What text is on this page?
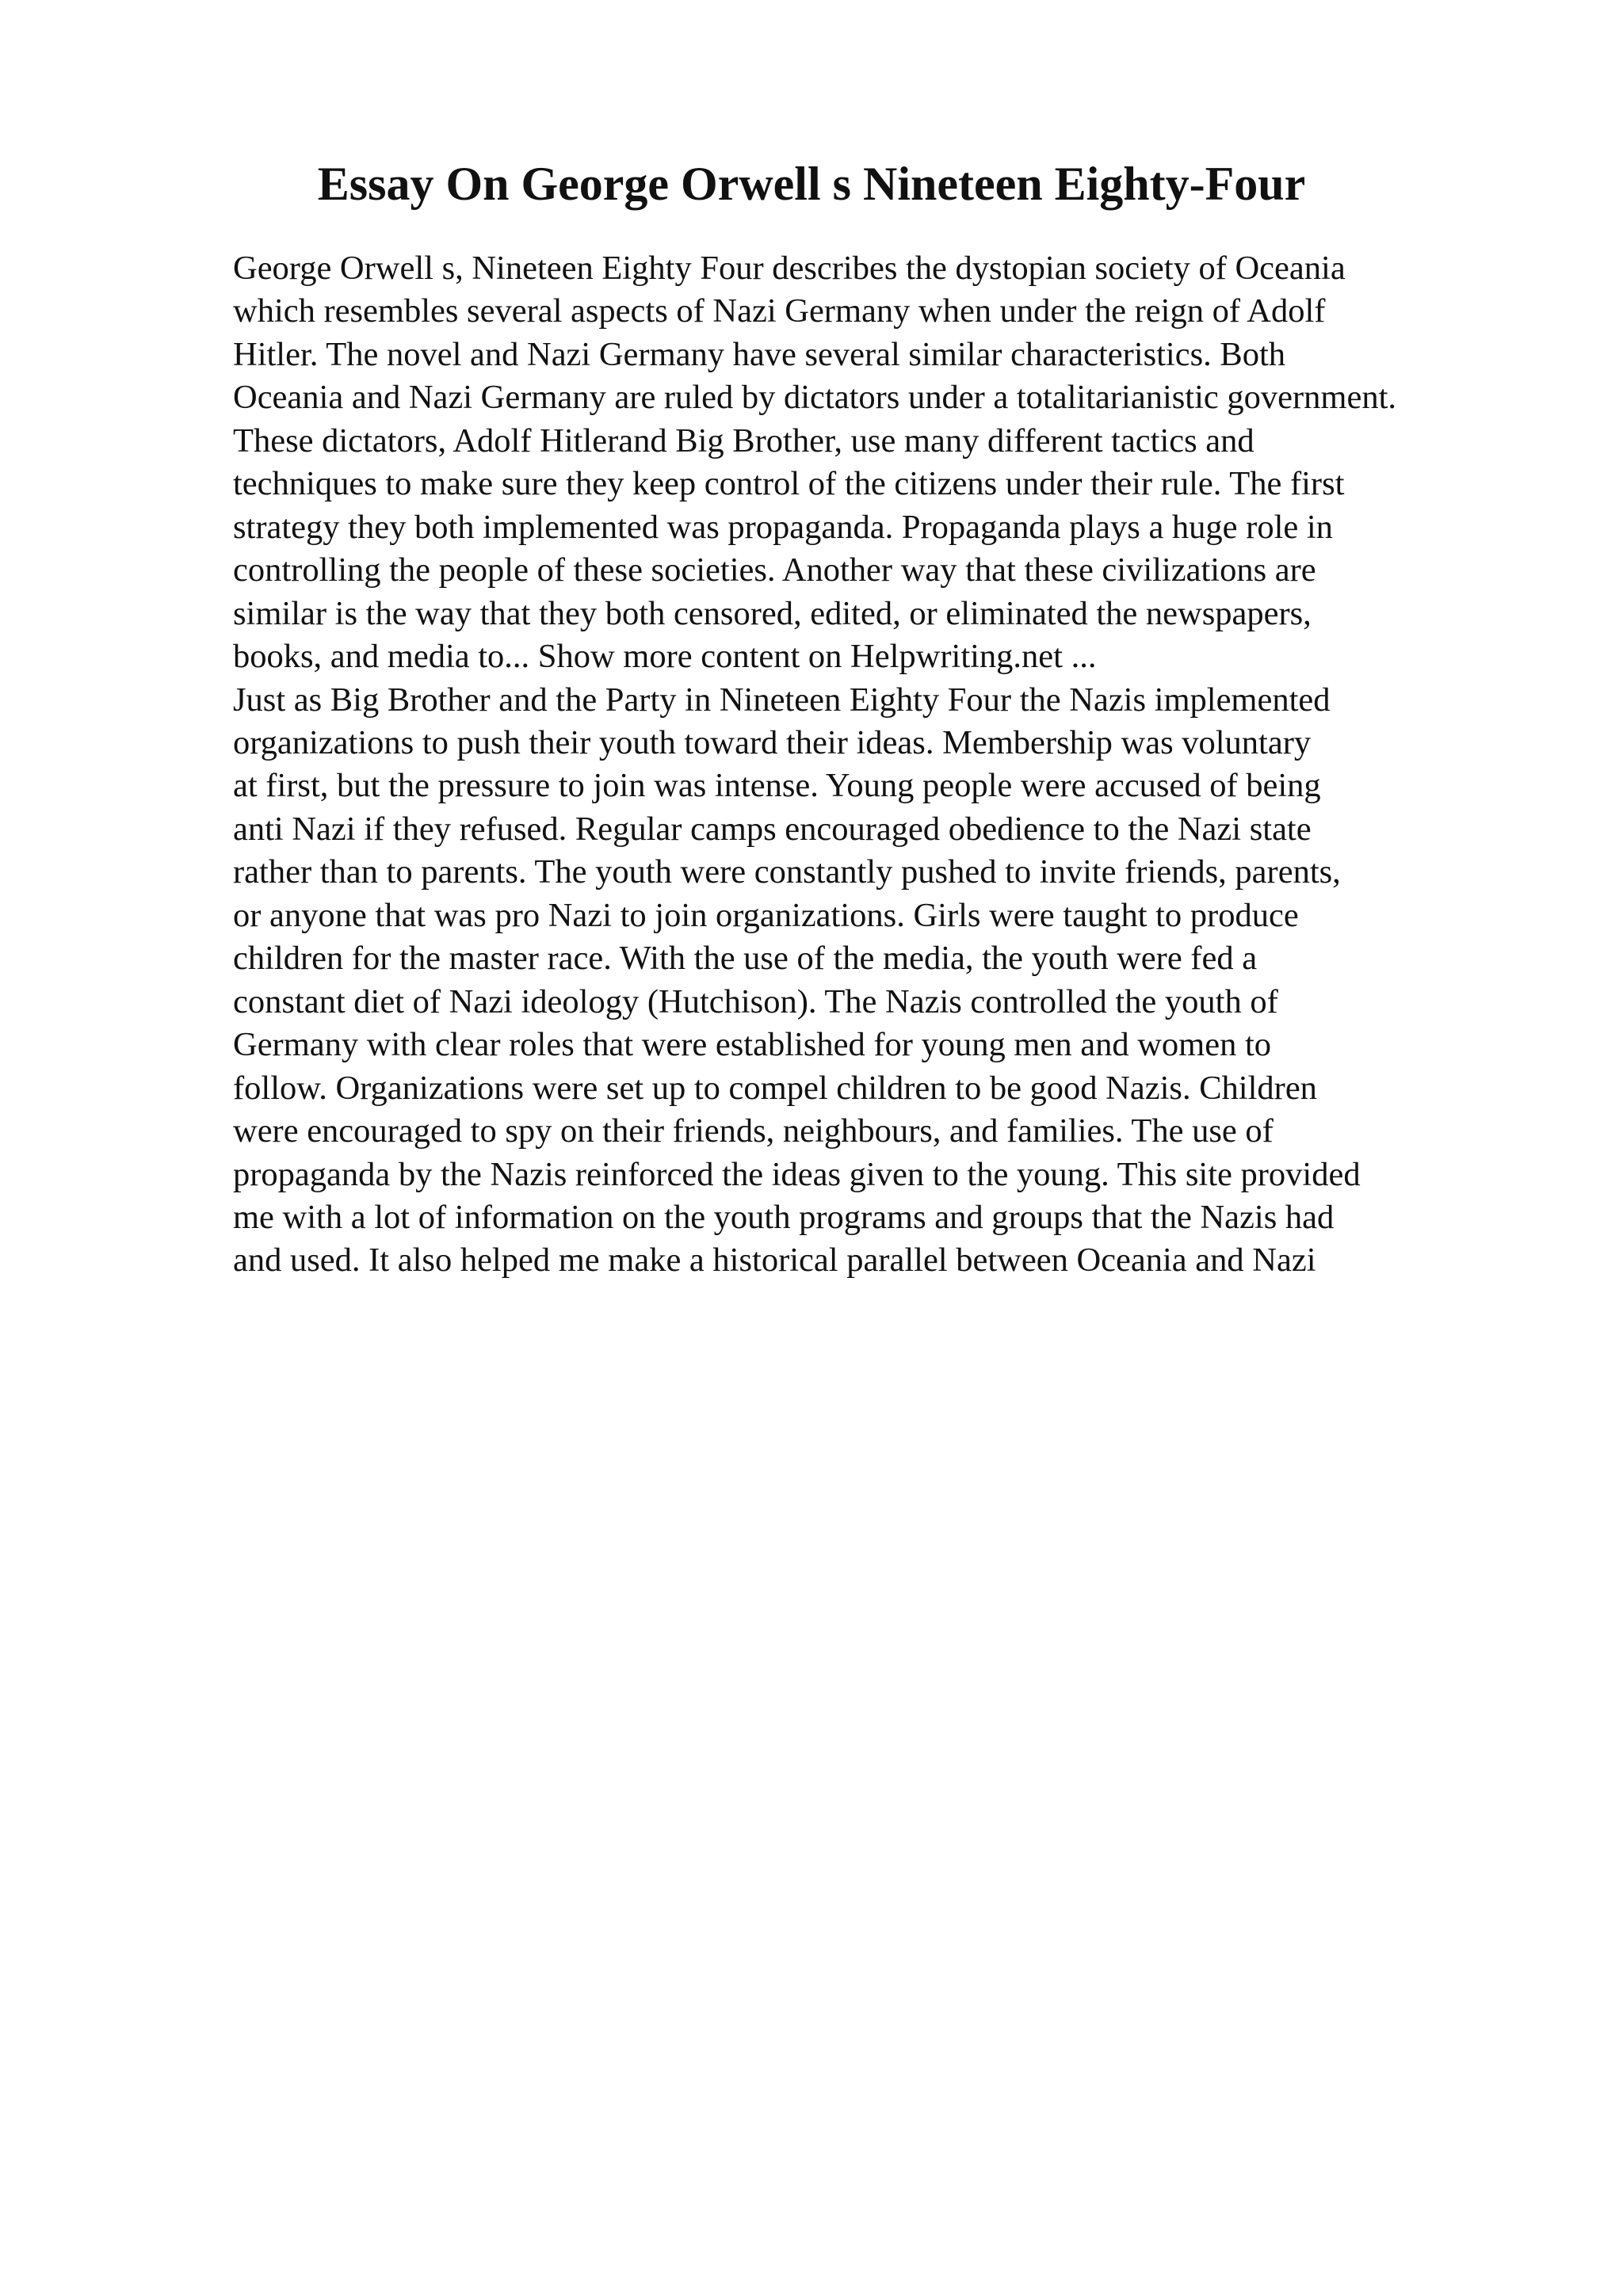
Essay On George Orwell s Nineteen Eighty-Four
George Orwell s, Nineteen Eighty Four describes the dystopian society of Oceania
which resembles several aspects of Nazi Germany when under the reign of Adolf
Hitler. The novel and Nazi Germany have several similar characteristics. Both
Oceania and Nazi Germany are ruled by dictators under a totalitarianistic government.
These dictators, Adolf Hitlerand Big Brother, use many different tactics and
techniques to make sure they keep control of the citizens under their rule. The first
strategy they both implemented was propaganda. Propaganda plays a huge role in
controlling the people of these societies. Another way that these civilizations are
similar is the way that they both censored, edited, or eliminated the newspapers,
books, and media to... Show more content on Helpwriting.net ...
Just as Big Brother and the Party in Nineteen Eighty Four the Nazis implemented
organizations to push their youth toward their ideas. Membership was voluntary
at first, but the pressure to join was intense. Young people were accused of being
anti Nazi if they refused. Regular camps encouraged obedience to the Nazi state
rather than to parents. The youth were constantly pushed to invite friends, parents,
or anyone that was pro Nazi to join organizations. Girls were taught to produce
children for the master race. With the use of the media, the youth were fed a
constant diet of Nazi ideology (Hutchison). The Nazis controlled the youth of
Germany with clear roles that were established for young men and women to
follow. Organizations were set up to compel children to be good Nazis. Children
were encouraged to spy on their friends, neighbours, and families. The use of
propaganda by the Nazis reinforced the ideas given to the young. This site provided
me with a lot of information on the youth programs and groups that the Nazis had
and used. It also helped me make a historical parallel between Oceania and Nazi
